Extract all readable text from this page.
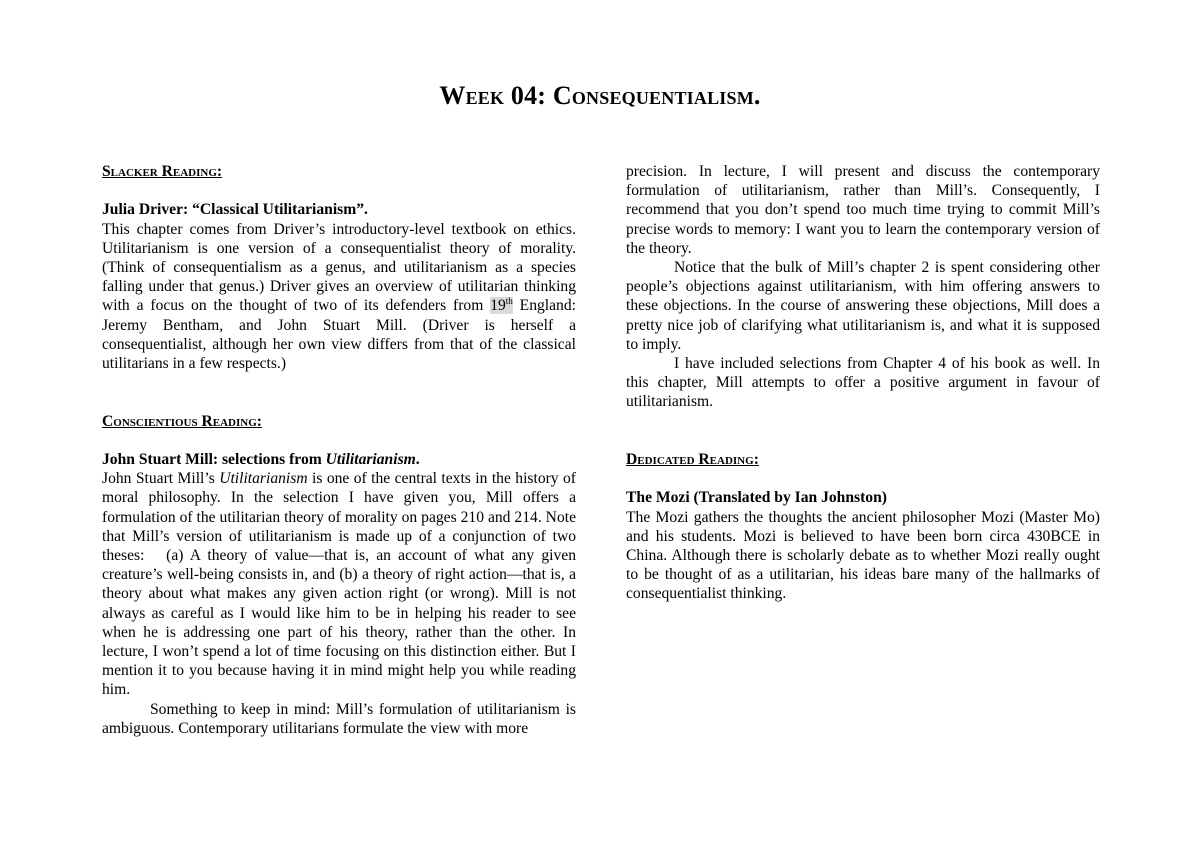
Week 04: Consequentialism.
Slacker Reading:

Julia Driver: “Classical Utilitarianism”.

This chapter comes from Driver’s introductory-level textbook on ethics. Utilitarianism is one version of a consequentialist theory of morality. (Think of consequentialism as a genus, and utilitarianism as a species falling under that genus.) Driver gives an overview of utilitarian thinking with a focus on the thought of two of its defenders from 19th England: Jeremy Bentham, and John Stuart Mill. (Driver is herself a consequentialist, although her own view differs from that of the classical utilitarians in a few respects.)

Conscientious Reading:

John Stuart Mill: selections from Utilitarianism.

John Stuart Mill’s Utilitarianism is one of the central texts in the history of moral philosophy. In the selection I have given you, Mill offers a formulation of the utilitarian theory of morality on pages 210 and 214. Note that Mill’s version of utilitarianism is made up of a conjunction of two theses:   (a) A theory of value—that is, an account of what any given creature’s well-being consists in, and (b) a theory of right action—that is, a theory about what makes any given action right (or wrong). Mill is not always as careful as I would like him to be in helping his reader to see when he is addressing one part of his theory, rather than the other. In lecture, I won’t spend a lot of time focusing on this distinction either. But I mention it to you because having it in mind might help you while reading him.

Something to keep in mind: Mill’s formulation of utilitarianism is ambiguous. Contemporary utilitarians formulate the view with more

precision. In lecture, I will present and discuss the contemporary formulation of utilitarianism, rather than Mill’s. Consequently, I recommend that you don’t spend too much time trying to commit Mill’s precise words to memory: I want you to learn the contemporary version of the theory.

Notice that the bulk of Mill’s chapter 2 is spent considering other people’s objections against utilitarianism, with him offering answers to these objections. In the course of answering these objections, Mill does a pretty nice job of clarifying what utilitarianism is, and what it is supposed to imply.

I have included selections from Chapter 4 of his book as well. In this chapter, Mill attempts to offer a positive argument in favour of utilitarianism.

Dedicated Reading:

The Mozi (Translated by Ian Johnston)

The Mozi gathers the thoughts the ancient philosopher Mozi (Master Mo) and his students. Mozi is believed to have been born circa 430BCE in China. Although there is scholarly debate as to whether Mozi really ought to be thought of as a utilitarian, his ideas bare many of the hallmarks of consequentialist thinking.
